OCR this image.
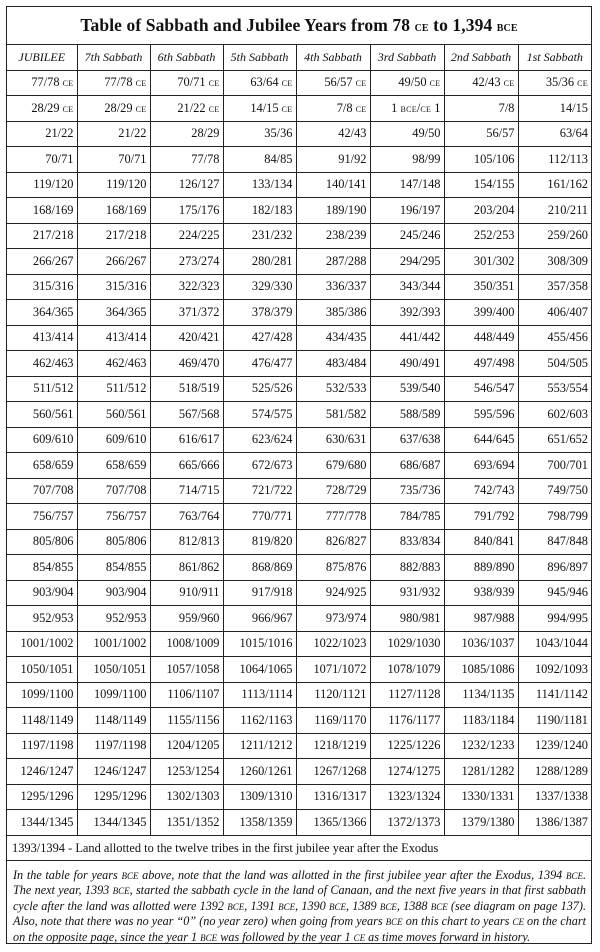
Table of Sabbath and Jubilee Years from 78 ce to 1,394 bce
JUBILEE	7th Sabbath	6th Sabbath	5th Sabbath	4th Sabbath	3rd Sabbath	2nd Sabbath	1st Sabbath
77/78 ce	77/78 ce	70/71 ce	63/64 ce	56/57 ce	49/50 ce	42/43 ce	35/36 ce
28/29 ce	28/29 ce	21/22 ce	14/15 ce	7/8 ce	1 bce/ce 1	7/8	14/15
21/22	21/22	28/29	35/36	42/43	49/50	56/57	63/64
70/71	70/71	77/78	84/85	91/92	98/99	105/106	112/113
119/120	119/120	126/127	133/134	140/141	147/148	154/155	161/162
168/169	168/169	175/176	182/183	189/190	196/197	203/204	210/211
217/218	217/218	224/225	231/232	238/239	245/246	252/253	259/260
266/267	266/267	273/274	280/281	287/288	294/295	301/302	308/309
315/316	315/316	322/323	329/330	336/337	343/344	350/351	357/358
364/365	364/365	371/372	378/379	385/386	392/393	399/400	406/407
413/414	413/414	420/421	427/428	434/435	441/442	448/449	455/456
462/463	462/463	469/470	476/477	483/484	490/491	497/498	504/505
511/512	511/512	518/519	525/526	532/533	539/540	546/547	553/554
560/561	560/561	567/568	574/575	581/582	588/589	595/596	602/603
609/610	609/610	616/617	623/624	630/631	637/638	644/645	651/652
658/659	658/659	665/666	672/673	679/680	686/687	693/694	700/701
707/708	707/708	714/715	721/722	728/729	735/736	742/743	749/750
756/757	756/757	763/764	770/771	777/778	784/785	791/792	798/799
805/806	805/806	812/813	819/820	826/827	833/834	840/841	847/848
854/855	854/855	861/862	868/869	875/876	882/883	889/890	896/897
903/904	903/904	910/911	917/918	924/925	931/932	938/939	945/946
952/953	952/953	959/960	966/967	973/974	980/981	987/988	994/995
1001/1002	1001/1002	1008/1009	1015/1016	1022/1023	1029/1030	1036/1037	1043/1044
1050/1051	1050/1051	1057/1058	1064/1065	1071/1072	1078/1079	1085/1086	1092/1093
1099/1100	1099/1100	1106/1107	1113/1114	1120/1121	1127/1128	1134/1135	1141/1142
1148/1149	1148/1149	1155/1156	1162/1163	1169/1170	1176/1177	1183/1184	1190/1181
1197/1198	1197/1198	1204/1205	1211/1212	1218/1219	1225/1226	1232/1233	1239/1240
1246/1247	1246/1247	1253/1254	1260/1261	1267/1268	1274/1275	1281/1282	1288/1289
1295/1296	1295/1296	1302/1303	1309/1310	1316/1317	1323/1324	1330/1331	1337/1338
1344/1345	1344/1345	1351/1352	1358/1359	1365/1366	1372/1373	1379/1380	1386/1387
1393/1394 - Land allotted to the twelve tribes in the first jubilee year after the Exodus
In the table for years bce above, note that the land was allotted in the first jubilee year after the Exodus, 1394 bce. The next year, 1393 bce, started the sabbath cycle in the land of Canaan, and the next five years in that first sabbath cycle after the land was allotted were 1392 bce, 1391 bce, 1390 bce, 1389 bce, 1388 bce (see diagram on page 137). Also, note that there was no year “0” (no year zero) when going from years bce on this chart to years ce on the chart on the opposite page, since the year 1 bce was followed by the year 1 ce as time moves forward in history.
